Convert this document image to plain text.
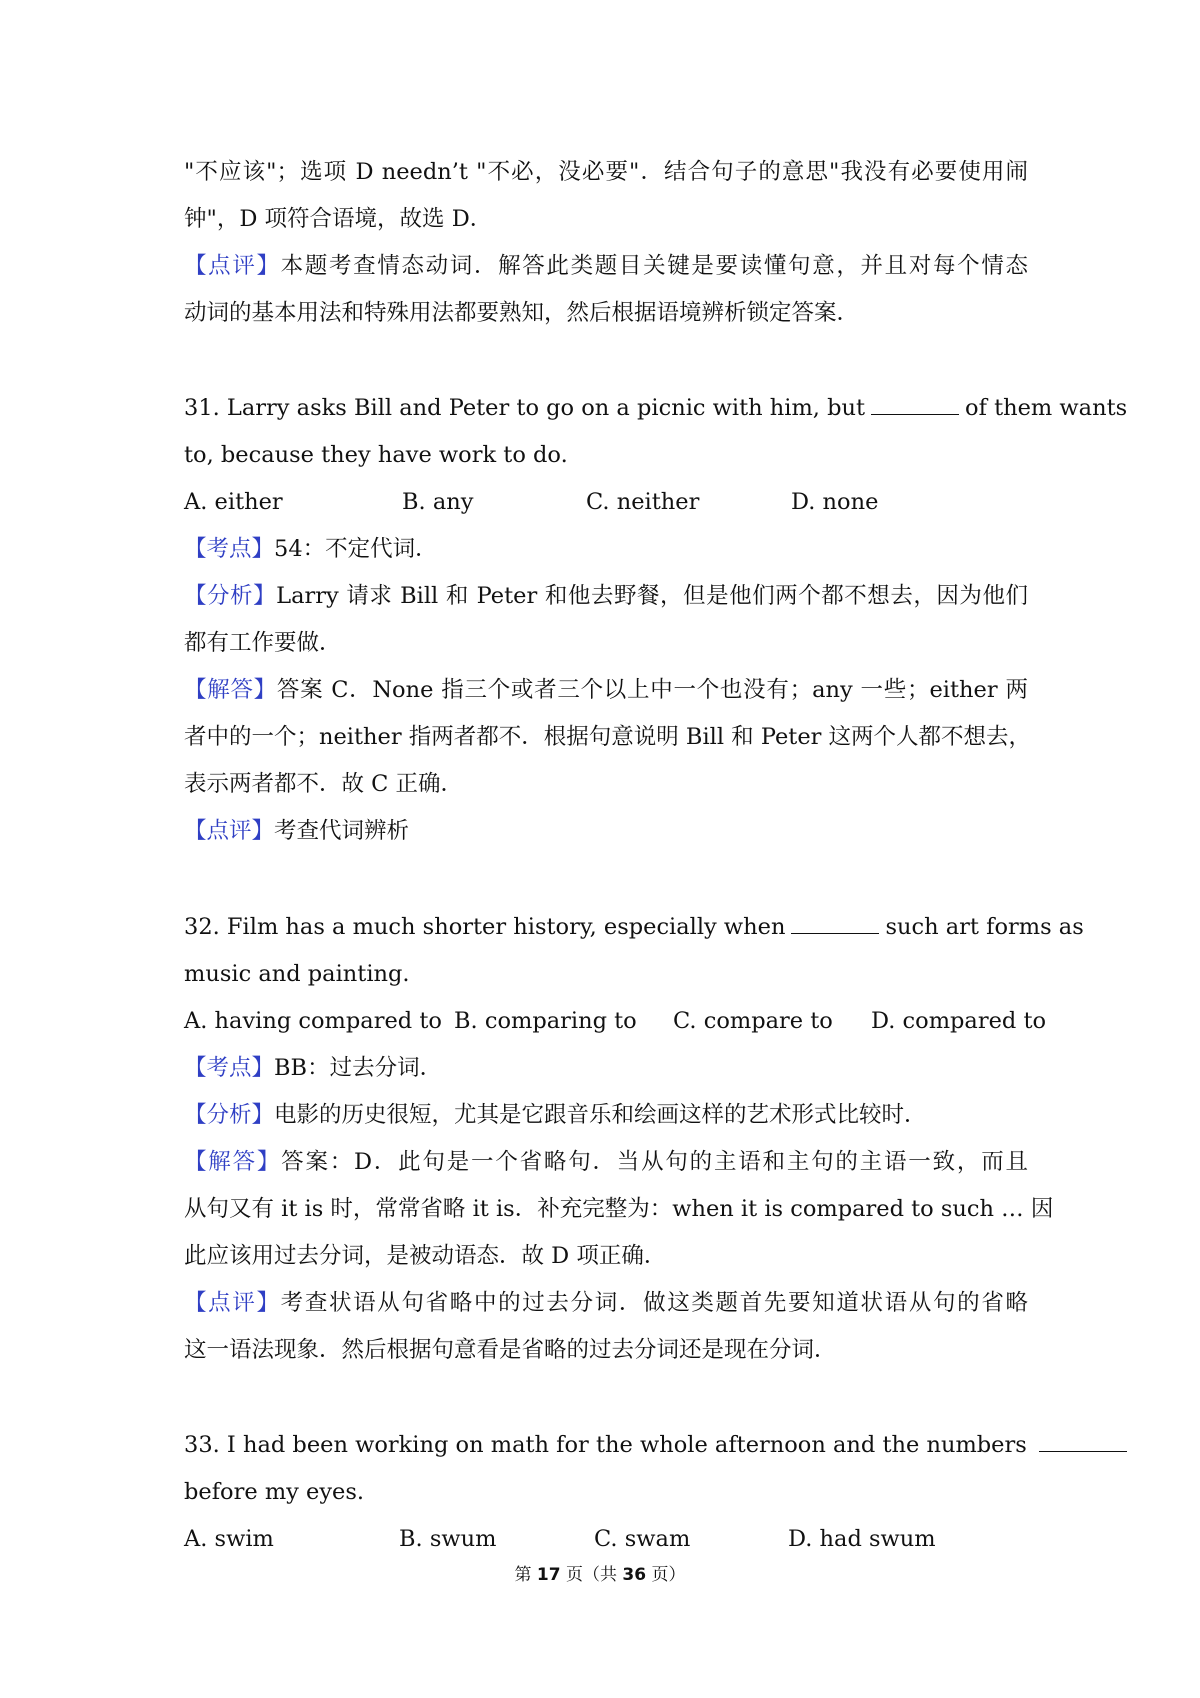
"不应该"；选项 D needn’t "不必，没必要"．结合句子的意思"我没有必要使用闹
钟"，D 项符合语境，故选 D．
【点评】本题考查情态动词．解答此类题目关键是要读懂句意，并且对每个情态
动词的基本用法和特殊用法都要熟知，然后根据语境辨析锁定答案．
31. Larry asks Bill and Peter to go on a picnic with him, but	of them wants
to, because they have work to do.
A. either	B. any	C. neither	D. none
【考点】54：不定代词．
【分析】Larry 请求 Bill 和 Peter 和他去野餐，但是他们两个都不想去，因为他们
都有工作要做．
【解答】答案 C．None 指三个或者三个以上中一个也没有；any 一些；either 两
者中的一个；neither 指两者都不．根据句意说明 Bill 和 Peter 这两个人都不想去，
表示两者都不．故 C 正确．
【点评】考查代词辨析
32. Film has a much shorter history, especially when	such art forms as
music and painting.
A. having compared to B. comparing to C. compare to D. compared to
【考点】BB：过去分词．
【分析】电影的历史很短，尤其是它跟音乐和绘画这样的艺术形式比较时．
【解答】答案：D．此句是一个省略句．当从句的主语和主句的主语一致，而且
从句又有 it is 时，常常省略 it is．补充完整为：when it is compared to such … 因
此应该用过去分词，是被动语态．故 D 项正确．
【点评】考查状语从句省略中的过去分词．做这类题首先要知道状语从句的省略
这一语法现象．然后根据句意看是省略的过去分词还是现在分词．
33. I had been working on math for the whole afternoon and the numbers
before my eyes.
A. swim	B. swum	C. swam	D. had swum
第 17 页（共 36 页）
